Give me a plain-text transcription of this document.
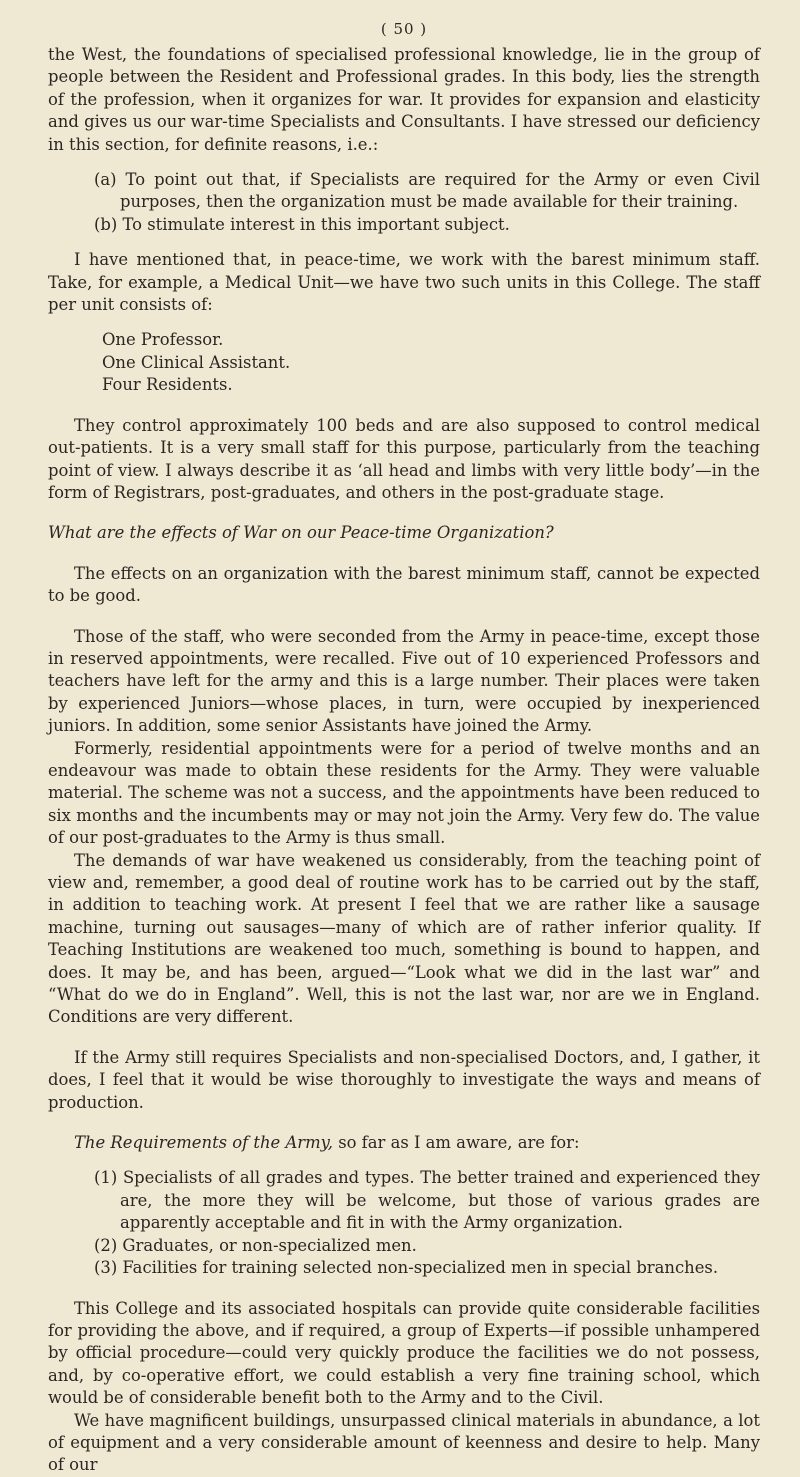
( 50 )

the West, the foundations of specialised professional knowledge, lie in the group of people between the Resident and Professional grades. In this body, lies the strength of the profession, when it organizes for war. It provides for expansion and elasticity and gives us our war-time Specialists and Consultants. I have stressed our deficiency in this section, for definite reasons, i.e.:

(a) To point out that, if Specialists are required for the Army or even Civil purposes, then the organization must be made available for their training.

(b) To stimulate interest in this important subject.

I have mentioned that, in peace-time, we work with the barest minimum staff. Take, for example, a Medical Unit—we have two such units in this College. The staff per unit consists of:

One Professor.

One Clinical Assistant.

Four Residents.

They control approximately 100 beds and are also supposed to control medical out-patients. It is a very small staff for this purpose, particularly from the teaching point of view. I always describe it as ‘all head and limbs with very little body’—in the form of Registrars, post-graduates, and others in the post-graduate stage.

What are the effects of War on our Peace-time Organization?

The effects on an organization with the barest minimum staff, cannot be expected to be good.

Those of the staff, who were seconded from the Army in peace-time, except those in reserved appointments, were recalled. Five out of 10 experienced Professors and teachers have left for the army and this is a large number. Their places were taken by experienced Juniors—whose places, in turn, were occupied by inexperienced juniors. In addition, some senior Assistants have joined the Army.

Formerly, residential appointments were for a period of twelve months and an endeavour was made to obtain these residents for the Army. They were valuable material. The scheme was not a success, and the appointments have been reduced to six months and the incumbents may or may not join the Army. Very few do. The value of our post-graduates to the Army is thus small.

The demands of war have weakened us considerably, from the teaching point of view and, remember, a good deal of routine work has to be carried out by the staff, in addition to teaching work. At present I feel that we are rather like a sausage machine, turning out sausages—many of which are of rather inferior quality. If Teaching Institutions are weakened too much, something is bound to happen, and does. It may be, and has been, argued—“Look what we did in the last war” and “What do we do in England”. Well, this is not the last war, nor are we in England. Conditions are very different.

If the Army still requires Specialists and non-specialised Doctors, and, I gather, it does, I feel that it would be wise thoroughly to investigate the ways and means of production.

The Requirements of the Army, so far as I am aware, are for:

(1) Specialists of all grades and types. The better trained and experienced they are, the more they will be welcome, but those of various grades are apparently acceptable and fit in with the Army organization.

(2) Graduates, or non-specialized men.

(3) Facilities for training selected non-specialized men in special branches.

This College and its associated hospitals can provide quite considerable facilities for providing the above, and if required, a group of Experts—if possible unhampered by official procedure—could very quickly produce the facilities we do not possess, and, by co-operative effort, we could establish a very fine training school, which would be of considerable benefit both to the Army and to the Civil.

We have magnificent buildings, unsurpassed clinical materials in abundance, a lot of equipment and a very considerable amount of keenness and desire to help. Many of our
